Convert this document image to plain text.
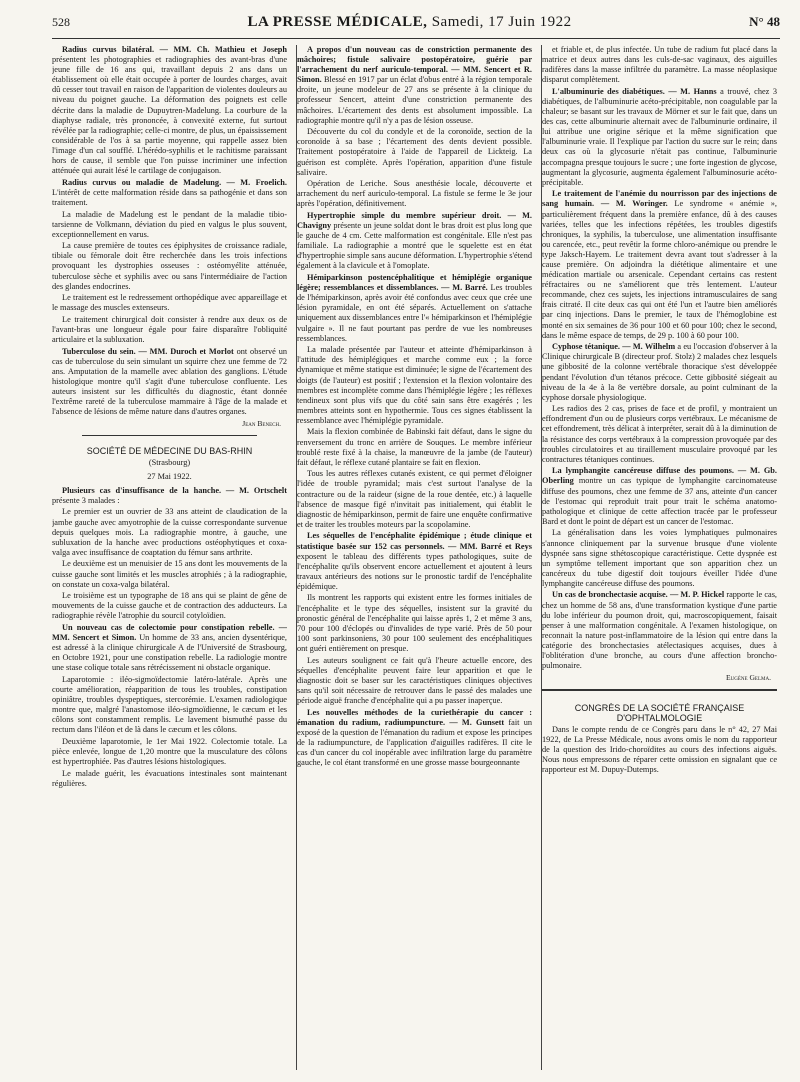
528	LA PRESSE MÉDICALE, Samedi, 17 Juin 1922	N° 48

Radius curvus bilatéral. — MM. Ch. Mathieu et Joseph présentent les photographies et radiographies des avant-bras d'une jeune fille de 16 ans qui, travaillant depuis 2 ans dans un établissement où elle était occupée à porter de lourdes charges, avait dû cesser tout travail en raison de l'apparition de violentes douleurs au niveau du poignet gauche. La déformation des poignets est celle décrite dans la maladie de Dupuytren-Madelung. La courbure de la diaphyse radiale, très prononcée, à convexité externe, fut surtout révélée par la radiographie; celle-ci montre, de plus, un épaississement considérable de l'os à sa partie moyenne, qui rappelle assez bien l'image d'un cal soufflé. L'hérédo-syphilis et le rachitisme paraissant hors de cause, il semble que l'on puisse incriminer une infection atténuée qui aurait lésé le cartilage de conjugaison.

Radius curvus ou maladie de Madelung. — M. Froelich. L'intérêt de cette malformation réside dans sa pathogénie et dans son traitement.

La maladie de Madelung est le pendant de la maladie tibio-tarsienne de Volkmann, déviation du pied en valgus le plus souvent, exceptionnellement en varus.

La cause première de toutes ces épiphysites de croissance radiale, tibiale ou fémorale doit être recherchée dans les trois infections provoquant les dystrophies osseuses : ostéomyélite atténuée, tuberculose sèche et syphilis avec ou sans l'intermédiaire de l'action des glandes endocrines.

Le traitement est le redressement orthopédique avec appareillage et le massage des muscles extenseurs.

Le traitement chirurgical doit consister à rendre aux deux os de l'avant-bras une longueur égale pour faire disparaître l'obliquité articulaire et la subluxation.

Tuberculose du sein. — MM. Duroch et Morlot ont observé un cas de tuberculose du sein simulant un squirre chez une femme de 72 ans. Amputation de la mamelle avec ablation des ganglions. L'étude histologique montre qu'il s'agit d'une tuberculose confluente. Les auteurs insistent sur les difficultés du diagnostic, étant donnée l'extrême rareté de la tuberculose mammaire à l'âge de la malade et l'absence de lésions de même nature dans d'autres organes.

Jean Benech.
SOCIÉTÉ DE MÉDECINE DU BAS-RHIN
(Strasbourg)
27 Mai 1922.

Plusieurs cas d'insuffisance de la hanche. — M. Ortschelt présente 3 malades :

Le premier est un ouvrier de 33 ans atteint de claudication de la jambe gauche avec amyotrophie de la cuisse correspondante survenue depuis quelques mois. La radiographie montre, à gauche, une subluxation de la hanche avec productions ostéophytiques et coxa-valga avec insuffisance de coaptation du fémur sans arthrite.

Le deuxième est un menuisier de 15 ans dont les mouvements de la cuisse gauche sont limités et les muscles atrophiés ; à la radiographie, on constate un coxa-valga bilatéral.

Le troisième est un typographe de 18 ans qui se plaint de gêne de mouvements de la cuisse gauche et de contraction des adducteurs. La radiographie révèle l'atrophie du sourcil cotyloïdien.

Un nouveau cas de colectomie pour constipation rebelle. — MM. Sencert et Simon. Un homme de 33 ans, ancien dysentérique, est adressé à la clinique chirurgicale A de l'Université de Strasbourg, en Octobre 1921, pour une constipation rebelle. La radiologie montre une stase colique totale sans rétrécissement ni obstacle organique.

Laparotomie : iléo-sigmoïdectomie latéro-latérale. Après une courte amélioration, réapparition de tous les troubles, constipation opiniâtre, troubles dyspeptiques, stercorémie. L'examen radiologique montre que, malgré l'anastomose iléo-sigmoïdienne, le cæcum et les côlons sont constamment remplis. Le lavement bismuthé passe du rectum dans l'iléon et de là dans le cæcum et les côlons.

Deuxième laparotomie, le 1er Mai 1922. Colectomie totale. La pièce enlevée, longue de 1,20 montre que la musculature des côlons est hypertrophiée. Pas d'autres lésions histologiques.

Le malade guérit, les évacuations intestinales sont maintenant régulières.

A propos d'un nouveau cas de constriction permanente des mâchoires; fistule salivaire postopératoire, guérie par l'arrachement du nerf auriculo-temporal. — MM. Sencert et R. Simon. Blessé en 1917 par un éclat d'obus entré à la région temporale droite, un jeune modeleur de 27 ans se présente à la clinique du professeur Sencert, atteint d'une constriction permanente des mâchoires. L'écartement des dents est absolument impossible. La radiographie montre qu'il n'y a pas de lésion osseuse.

Découverte du col du condyle et de la coronoïde, section de la coronoïde à sa base ; l'écartement des dents devient possible. Traitement postopératoire à l'aide de l'appareil de Lickteig. La guérison est complète. Après l'opération, apparition d'une fistule salivaire.

Opération de Leriche. Sous anesthésie locale, découverte et arrachement du nerf auriculo-temporal. La fistule se ferme le 3e jour après l'opération, définitivement.

Hypertrophie simple du membre supérieur droit. — M. Chavigny présente un jeune soldat dont le bras droit est plus long que le gauche de 4 cm. Cette malformation est congénitale. Elle n'est pas familiale. La radiographie a montré que le squelette est en état d'hypertrophie simple sans aucune déformation. L'hypertrophie s'étend également à la clavicule et à l'omoplate.

Hémiparkinson postencéphalitique et hémiplégie organique légère; ressemblances et dissemblances. — M. Barré. Les troubles de l'hémiparkinson, après avoir été confondus avec ceux que crée une lésion pyramidale, en ont été séparés. Actuellement on s'attache uniquement aux dissemblances entre l'« hémiparkinson et l'hémiplégie vulgaire ». Il ne faut pourtant pas perdre de vue les nombreuses ressemblances.

La malade présentée par l'auteur et atteinte d'hémiparkinson à l'attitude des hémiplégiques et marche comme eux ; la force dynamique et même statique est diminuée; le signe de l'écartement des doigts (de l'auteur) est positif ; l'extension et la flexion volontaire des membres est incomplète comme dans l'hémiplégie légère ; les réflexes tendineux sont plus vifs que du côté sain sans être exagérés ; les membres atteints sont en hypothermie. Tous ces signes établissent la ressemblance avec l'hémiplégie pyramidale.

Mais la flexion combinée de Babinski fait défaut, dans le signe du renversement du tronc en arrière de Souques. Le membre inférieur troublé reste fixé à la chaise, la manœuvre de la jambe (de l'auteur) fait défaut, le réflexe cutané plantaire se fait en flexion.

Tous les autres réflexes cutanés existent, ce qui permet d'éloigner l'idée de trouble pyramidal; mais c'est surtout l'analyse de la contracture ou de la raideur (signe de la roue dentée, etc.) à laquelle l'absence de masque figé n'invitait pas initialement, qui établit le diagnostic de hémiparkinson, permit de faire une enquête confirmative et de traiter les troubles moteurs par la scopolamine.

Les séquelles de l'encéphalite épidémique ; étude clinique et statistique basée sur 152 cas personnels. — MM. Barré et Reys exposent le tableau des différents types pathologiques, suite de l'encéphalite qu'ils observent encore actuellement et ajoutent à leurs travaux antérieurs des notions sur le pronostic tardif de l'encéphalite épidémique.

Ils montrent les rapports qui existent entre les formes initiales de l'encéphalite et le type des séquelles, insistent sur la gravité du pronostic général de l'encéphalite qui laisse après 1, 2 et même 3 ans, 70 pour 100 d'éclopés ou d'invalides de type varié. Près de 50 pour 100 sont parkinsoniens, 30 pour 100 seulement des encéphalitiques ont guéri entièrement on presque.

Les auteurs soulignent ce fait qu'à l'heure actuelle encore, des séquelles d'encéphalite peuvent faire leur apparition et que le diagnostic doit se baser sur les caractéristiques cliniques objectives sans qu'il soit nécessaire de retrouver dans le passé des malades une période aiguë franche d'encéphalite qui a pu passer inaperçue.

Les nouvelles méthodes de la curiethérapie du cancer : émanation du radium, radiumpuncture. — M. Gunsett fait un exposé de la question de l'émanation du radium et expose les principes de la radiumpuncture, de l'application d'aiguilles radifères. Il cite le cas d'un cancer du col inopérable avec infiltration large du paramètre gauche, le col étant transformé en une grosse masse bourgeonnante

et friable et, de plus infectée. Un tube de radium fut placé dans la matrice et deux autres dans les culs-de-sac vaginaux, des aiguilles radifères dans la masse infiltrée du paramètre. La masse néoplasique disparut complètement.

L'albuminurie des diabétiques. — M. Hanns a trouvé, chez 3 diabétiques, de l'albuminurie acéto-précipitable, non coagulable par la chaleur; se basant sur les travaux de Mörner et sur le fait que, dans un des cas, cette albuminurie alternait avec de l'albuminurie ordinaire, il lui attribue une origine sérique et la même signification que l'albuminurie vraie. Il l'explique par l'action du sucre sur le rein; dans deux cas où la glycosurie n'était pas continue, l'albuminurie accompagna presque toujours le sucre ; une forte ingestion de glycose, augmentant la glycosurie, augmenta également l'albuminosurie acéto-précipitable.

Le traitement de l'anémie du nourrisson par des injections de sang humain. — M. Woringer. Le syndrome « anémie », particulièrement fréquent dans la première enfance, dû à des causes variées, telles que les infections répétées, les troubles digestifs chroniques, la syphilis, la tuberculose, une alimentation insuffisante ou carencée, etc., peut revêtir la forme chloro-anémique ou prendre le type Jaksch-Hayem. Le traitement devra avant tout s'adresser à la cause première. On adjoindra la diététique alimentaire et une médication martiale ou arsenicale. Cependant certains cas restent réfractaires ou ne s'améliorent que très lentement. L'auteur recommande, chez ces sujets, les injections intramusculaires de sang frais citraté. Il cite deux cas qui ont été l'un et l'autre bien améliorés par cinq injections. Dans le premier, le taux de l'hémoglobine est monté en six semaines de 36 pour 100 et 60 pour 100; chez le second, dans le même espace de temps, de 29 p. 100 à 60 pour 100.

Cyphose tétanique. — M. Wilhelm a eu l'occasion d'observer à la Clinique chirurgicale B (directeur prof. Stolz) 2 malades chez lesquels une gibbosité de la colonne vertébrale thoracique s'est développée pendant l'évolution d'un tétanos précoce. Cette gibbosité siégeait au niveau de la 4e à la 8e vertèbre dorsale, au point culminant de la cyphose dorsale physiologique.

Les radios des 2 cas, prises de face et de profil, y montraient un effondrement d'un ou de plusieurs corps vertébraux. Le mécanisme de cet effondrement, très délicat à interpréter, serait dû à la diminution de la résistance des corps vertébraux à la compression provoquée par des troubles circulatoires et au tiraillement musculaire provoqué par les contractures tétaniques continues.

La lymphangite cancéreuse diffuse des poumons. — M. Gb. Oberling montre un cas typique de lymphangite carcinomateuse diffuse des poumons, chez une femme de 37 ans, atteinte d'un cancer de l'estomac qui reproduit trait pour trait le schéma anatomo-pathologique et clinique de cette affection tracée par le professeur Bard et dont le point de départ est un cancer de l'estomac.

La généralisation dans les voies lymphatiques pulmonaires s'annonce cliniquement par la survenue brusque d'une violente dyspnée sans signe sthétoscopique caractéristique. Cette dyspnée est un symptôme tellement important que son apparition chez un cancéreux du tube digestif doit toujours éveiller l'idée d'une lymphangite cancéreuse diffuse des poumons.

Un cas de bronchectasie acquise. — M. P. Hickel rapporte le cas, chez un homme de 58 ans, d'une transformation kystique d'une partie du lobe inférieur du poumon droit, qui, macroscopiquement, faisait penser à une malformation congénitale. A l'examen histologique, on reconnait la nature post-inflammatoire de la lésion qui entre dans la catégorie des bronchectasies atélectasiques acquises, dues à l'oblitération d'une bronche, au cours d'une affection broncho-pulmonaire.

Eugène Gelma.
CONGRÈS DE LA SOCIÉTÉ FRANÇAISE D'OPHTALMOLOGIE

Dans le compte rendu de ce Congrès paru dans le n° 42, 27 Mai 1922, de La Presse Médicale, nous avons omis le nom du rapporteur de la question des Irido-choroïdites au cours des infections aiguës. Nous nous empressons de réparer cette omission en signalant que ce rapporteur est M. Dupuy-Dutemps.
